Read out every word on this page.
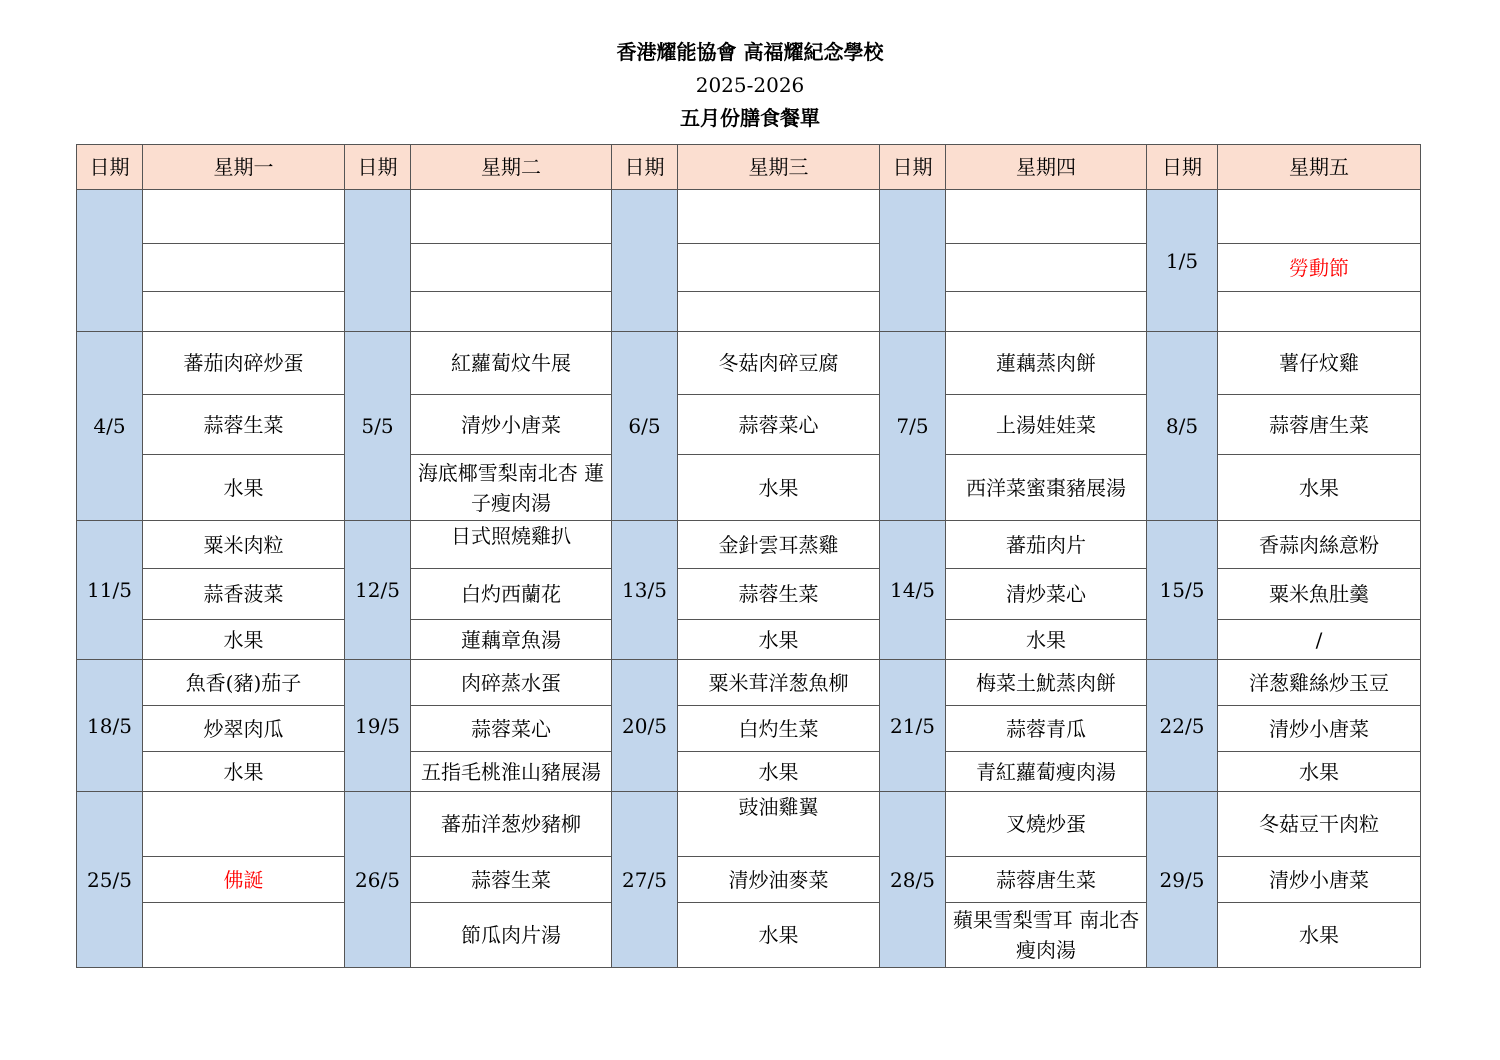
香港耀能協會 高福耀紀念學校
2025-2026
五月份膳食餐單
日期	星期一	日期	星期二	日期	星期三	日期	星期四	日期	星期五
								1/5	
									勞動節

4/5	蕃茄肉碎炒蛋	5/5	紅蘿蔔炆牛展	6/5	冬菇肉碎豆腐	7/5	蓮藕蒸肉餅	8/5	薯仔炆雞
	蒜蓉生菜		清炒小唐菜		蒜蓉菜心		上湯娃娃菜		蒜蓉唐生菜
	水果		海底椰雪梨南北杏 蓮子瘦肉湯		水果		西洋菜蜜棗豬展湯		水果
11/5	粟米肉粒	12/5	日式照燒雞扒	13/5	金針雲耳蒸雞	14/5	蕃茄肉片	15/5	香蒜肉絲意粉
	蒜香菠菜		白灼西蘭花		蒜蓉生菜		清炒菜心		粟米魚肚羹
	水果		蓮藕章魚湯		水果		水果		/
18/5	魚香(豬)茄子	19/5	肉碎蒸水蛋	20/5	粟米茸洋葱魚柳	21/5	梅菜土魷蒸肉餅	22/5	洋葱雞絲炒玉豆
	炒翠肉瓜		蒜蓉菜心		白灼生菜		蒜蓉青瓜		清炒小唐菜
	水果		五指毛桃淮山豬展湯		水果		青紅蘿蔔瘦肉湯		水果
25/5		26/5	蕃茄洋葱炒豬柳	27/5	豉油雞翼	28/5	叉燒炒蛋	29/5	冬菇豆干肉粒
	佛誕		蒜蓉生菜		清炒油麥菜		蒜蓉唐生菜		清炒小唐菜
			節瓜肉片湯		水果		蘋果雪梨雪耳 南北杏瘦肉湯		水果
